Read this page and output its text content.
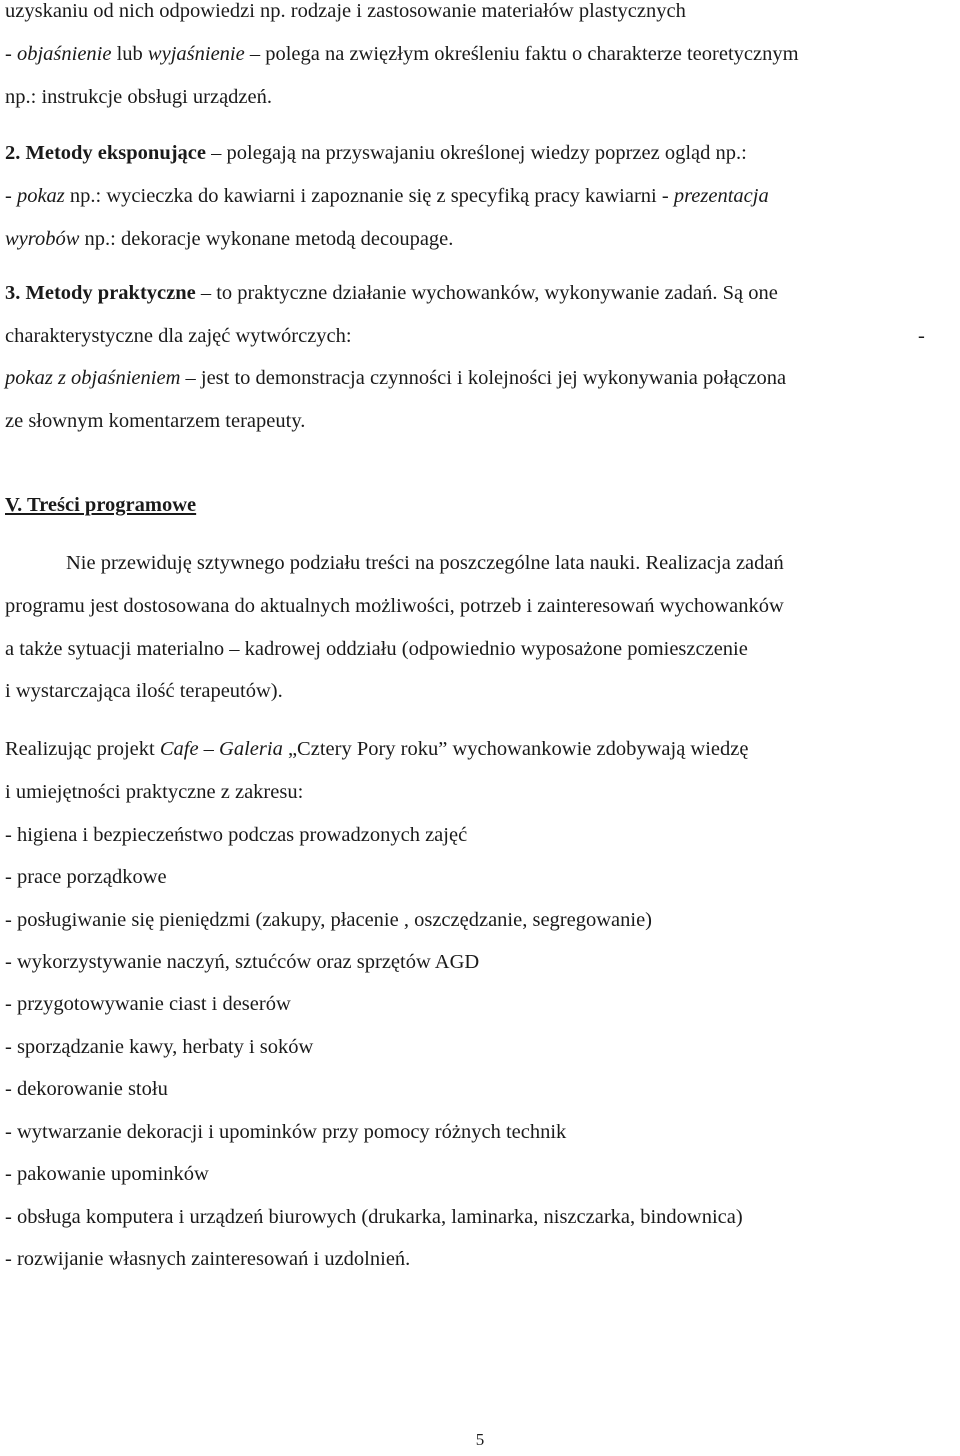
uzyskaniu od nich odpowiedzi np. rodzaje i zastosowanie materiałów plastycznych
- objaśnienie lub wyjaśnienie – polega na zwięzłym określeniu faktu o charakterze teoretycznym
np.: instrukcje obsługi urządzeń.
2. Metody eksponujące – polegają na przyswajaniu określonej wiedzy poprzez ogląd np.:
- pokaz np.: wycieczka do kawiarni i zapoznanie się z specyfiką pracy kawiarni - prezentacja
wyrobów np.: dekoracje wykonane metodą decoupage.
3. Metody praktyczne – to praktyczne działanie wychowanków, wykonywanie zadań. Są one
charakterystyczne dla zajęć wytwórczych:	-
pokaz z objaśnieniem – jest to demonstracja czynności i kolejności jej wykonywania połączona
ze słownym komentarzem terapeuty.
V. Treści programowe
Nie przewiduję sztywnego podziału treści na poszczególne lata nauki. Realizacja zadań
programu jest dostosowana do aktualnych możliwości, potrzeb i zainteresowań wychowanków
a także sytuacji materialno – kadrowej oddziału (odpowiednio wyposażone pomieszczenie
i wystarczająca ilość terapeutów).
Realizując projekt Cafe – Galeria „Cztery Pory roku” wychowankowie zdobywają wiedzę
i umiejętności praktyczne z zakresu:
- higiena i bezpieczeństwo podczas prowadzonych zajęć
- prace porządkowe
- posługiwanie się pieniędzmi (zakupy, płacenie , oszczędzanie, segregowanie)
- wykorzystywanie naczyń, sztućców oraz sprzętów AGD
- przygotowywanie ciast i deserów
- sporządzanie kawy, herbaty i soków
- dekorowanie stołu
- wytwarzanie dekoracji i upominków przy pomocy różnych technik
- pakowanie upominków
- obsługa komputera i urządzeń biurowych (drukarka, laminarka, niszczarka, bindownica)
- rozwijanie własnych zainteresowań i uzdolnień.
5
